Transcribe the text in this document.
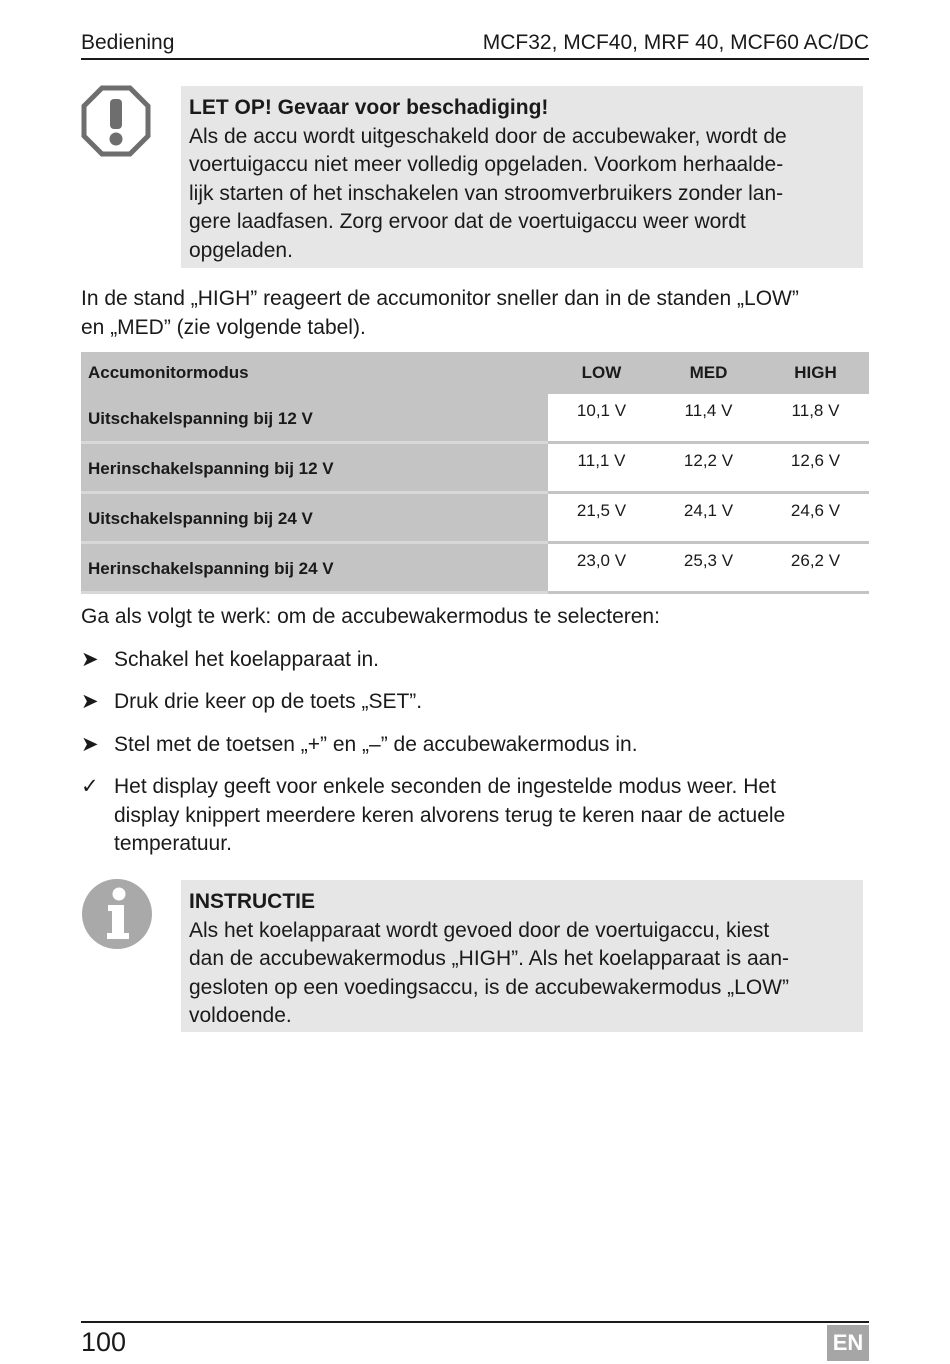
Bediening	MCF32, MCF40, MRF 40, MCF60 AC/DC
LET OP! Gevaar voor beschadiging!
Als de accu wordt uitgeschakeld door de accubewaker, wordt de
voertuigaccu niet meer volledig opgeladen. Voorkom herhaalde-
lijk starten of het inschakelen van stroomverbruikers zonder lan-
gere laadfasen. Zorg ervoor dat de voertuigaccu weer wordt
opgeladen.
In de stand „HIGH” reageert de accumonitor sneller dan in de standen „LOW”
en „MED” (zie volgende tabel).
Accumonitormodus	LOW	MED	HIGH
Uitschakelspanning bij 12 V	10,1 V	11,4 V	11,8 V
Herinschakelspanning bij 12 V	11,1 V	12,2 V	12,6 V
Uitschakelspanning bij 24 V	21,5 V	24,1 V	24,6 V
Herinschakelspanning bij 24 V	23,0 V	25,3 V	26,2 V
Ga als volgt te werk: om de accubewakermodus te selecteren:
➤ Schakel het koelapparaat in.
➤ Druk drie keer op de toets „SET”.
➤ Stel met de toetsen „+” en „–” de accubewakermodus in.
✓ Het display geeft voor enkele seconden de ingestelde modus weer. Het
display knippert meerdere keren alvorens terug te keren naar de actuele
temperatuur.
INSTRUCTIE
Als het koelapparaat wordt gevoed door de voertuigaccu, kiest
dan de accubewakermodus „HIGH”. Als het koelapparaat is aan-
gesloten op een voedingsaccu, is de accubewakermodus „LOW”
voldoende.
100	EN
